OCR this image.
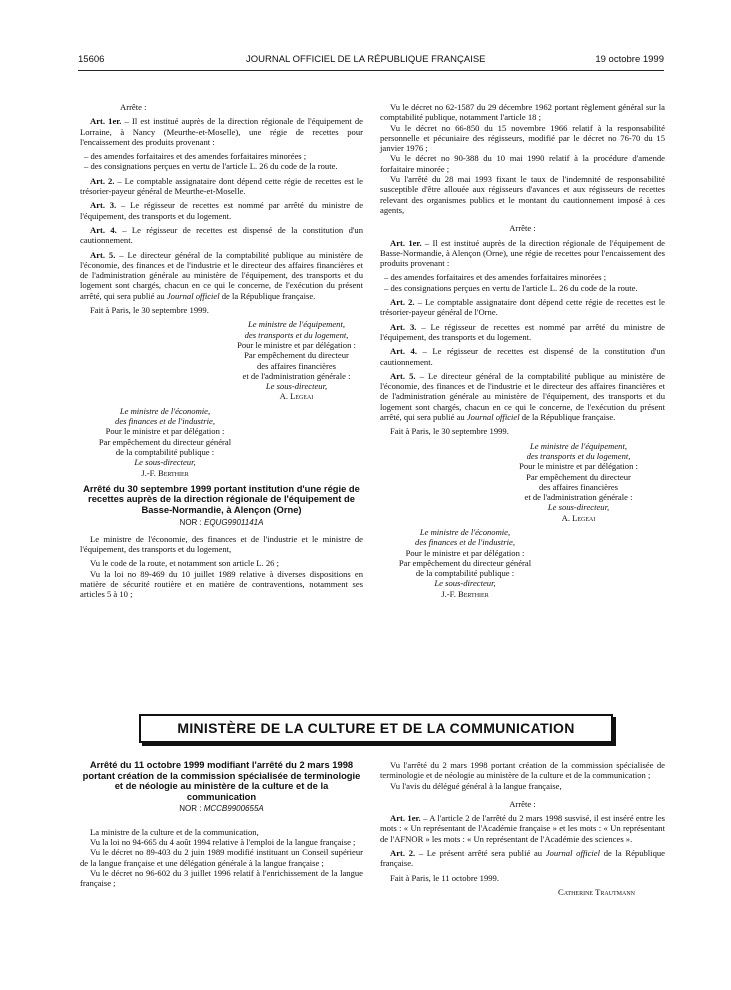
15606	JOURNAL OFFICIEL DE LA RÉPUBLIQUE FRANÇAISE	19 octobre 1999

Arrête :

Art. 1er. – Il est institué auprès de la direction régionale de l'équipement de Lorraine, à Nancy (Meurthe-et-Moselle), une régie de recettes pour l'encaissement des produits provenant :

– des amendes forfaitaires et des amendes forfaitaires minorées ;
– des consignations perçues en vertu de l'article L. 26 du code de la route.

Art. 2. – Le comptable assignataire dont dépend cette régie de recettes est le trésorier-payeur général de Meurthe-et-Moselle.

Art. 3. – Le régisseur de recettes est nommé par arrêté du ministre de l'équipement, des transports et du logement.

Art. 4. – Le régisseur de recettes est dispensé de la constitution d'un cautionnement.

Art. 5. – Le directeur général de la comptabilité publique au ministère de l'économie, des finances et de l'industrie et le directeur des affaires financières et de l'administration générale au ministère de l'équipement, des transports et du logement sont chargés, chacun en ce qui le concerne, de l'exécution du présent arrêté, qui sera publié au Journal officiel de la République française.

Fait à Paris, le 30 septembre 1999.

Le ministre de l'équipement,
des transports et du logement,
Pour le ministre et par délégation :
Par empêchement du directeur
des affaires financières
et de l'administration générale :
Le sous-directeur,
A. Legeai
Le ministre de l'économie,
des finances et de l'industrie,
Pour le ministre et par délégation :
Par empêchement du directeur général
de la comptabilité publique :
Le sous-directeur,
J.-F. Berthier
Arrêté du 30 septembre 1999 portant institution d'une régie de recettes auprès de la direction régionale de l'équipement de Basse-Normandie, à Alençon (Orne)
NOR : EQUG9901141A

Le ministre de l'économie, des finances et de l'industrie et le ministre de l'équipement, des transports et du logement,

Vu le code de la route, et notamment son article L. 26 ;

Vu la loi no 89-469 du 10 juillet 1989 relative à diverses dispositions en matière de sécurité routière et en matière de contraventions, notamment ses articles 5 à 10 ;

Vu le décret no 62-1587 du 29 décembre 1962 portant règlement général sur la comptabilité publique, notamment l'article 18 ;

Vu le décret no 66-850 du 15 novembre 1966 relatif à la responsabilité personnelle et pécuniaire des régisseurs, modifié par le décret no 76-70 du 15 janvier 1976 ;

Vu le décret no 90-388 du 10 mai 1990 relatif à la procédure d'amende forfaitaire minorée ;

Vu l'arrêté du 28 mai 1993 fixant le taux de l'indemnité de responsabilité susceptible d'être allouée aux régisseurs d'avances et aux régisseurs de recettes relevant des organismes publics et le montant du cautionnement imposé à ces agents,

Arrête :

Art. 1er. – Il est institué auprès de la direction régionale de l'équipement de Basse-Normandie, à Alençon (Orne), une régie de recettes pour l'encaissement des produits provenant :

– des amendes forfaitaires et des amendes forfaitaires minorées ;
– des consignations perçues en vertu de l'article L. 26 du code de la route.

Art. 2. – Le comptable assignataire dont dépend cette régie de recettes est le trésorier-payeur général de l'Orne.

Art. 3. – Le régisseur de recettes est nommé par arrêté du ministre de l'équipement, des transports et du logement.

Art. 4. – Le régisseur de recettes est dispensé de la constitution d'un cautionnement.

Art. 5. – Le directeur général de la comptabilité publique au ministère de l'économie, des finances et de l'industrie et le directeur des affaires financières et de l'administration générale au ministère de l'équipement, des transports et du logement sont chargés, chacun en ce qui le concerne, de l'exécution du présent arrêté, qui sera publié au Journal officiel de la République française.

Fait à Paris, le 30 septembre 1999.

Le ministre de l'équipement,
des transports et du logement,
Pour le ministre et par délégation :
Par empêchement du directeur
des affaires financières
et de l'administration générale :
Le sous-directeur,
A. Legeai
Le ministre de l'économie,
des finances et de l'industrie,
Pour le ministre et par délégation :
Par empêchement du directeur général
de la comptabilité publique :
Le sous-directeur,
J.-F. Berthier
MINISTÈRE DE LA CULTURE ET DE LA COMMUNICATION
Arrêté du 11 octobre 1999 modifiant l'arrêté du 2 mars 1998 portant création de la commission spécialisée de terminologie et de néologie au ministère de la culture et de la communication
NOR : MCCB9900655A

La ministre de la culture et de la communication,

Vu la loi no 94-665 du 4 août 1994 relative à l'emploi de la langue française ;

Vu le décret no 89-403 du 2 juin 1989 modifié instituant un Conseil supérieur de la langue française et une délégation générale à la langue française ;

Vu le décret no 96-602 du 3 juillet 1996 relatif à l'enrichissement de la langue française ;

Vu l'arrêté du 2 mars 1998 portant création de la commission spécialisée de terminologie et de néologie au ministère de la culture et de la communication ;

Vu l'avis du délégué général à la langue française,

Arrête :

Art. 1er. – A l'article 2 de l'arrêté du 2 mars 1998 susvisé, il est inséré entre les mots : « Un représentant de l'Académie française » et les mots : « Un représentant de l'AFNOR » les mots : « Un représentant de l'Académie des sciences ».

Art. 2. – Le présent arrêté sera publié au Journal officiel de la République française.

Fait à Paris, le 11 octobre 1999.

Catherine Trautmann
